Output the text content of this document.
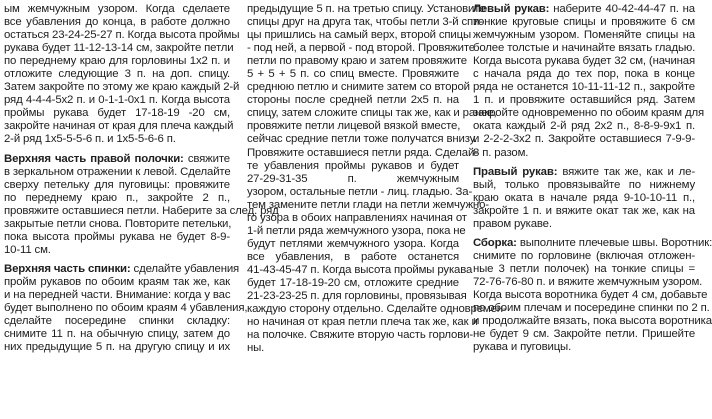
ым жемчужным узором. Когда сделаете
все убавления до конца, в работе должно
остаться 23-24-25-27 п. Когда высота проймы
рукава будет 11-12-13-14 см, закройте петли
по переднему краю для горловины 1х2 п. и
отложите следующие 3 п. на доп. спицу.
Затем закройте по этому же краю каждый 2-й
ряд 4-4-4-5х2 п. и 0-1-1-0х1 п. Когда высота
проймы рукава будет 17-18-19 -20 см,
закройте начиная от края для плеча каждый
2-й ряд 1х5-5-5-6 п. и 1х5-5-6-6 п.
Верхняя часть правой полочки: свяжите
в зеркальном отражении к левой. Сделайте
сверху петельку для пуговицы: провяжите
по переднему краю п., закройте 2 п.,
провяжите оставшиеся петли. Наберите за след. ряд
закрытые петли снова. Повторите петельки,
пока высота проймы рукава не будет 8-9-
10-11 см.
Верхняя часть спинки: сделайте убавления
пройм рукавов по обоим краям так же, как
и на передней части. Внимание: когда у вас
будет выполнено по обоим краям 4 убавления,
сделайте посередине спинки складку:
снимите 11 п. на обычную спицу, затем до
них предыдущие 5 п. на другую спицу и их
предыдущие 5 п. на третью спицу. Установите
спицы друг на друга так, чтобы петли 3-й спи-
цы пришлись на самый верх, второй спицы
- под ней, а первой - под второй. Провяжите
петли по правому краю и затем провяжите
5 + 5 + 5 п. со спиц вместе. Провяжите
среднюю петлю и снимите затем со второй
стороны после средней петли 2х5 п. на
спицу, затем сложите спицы так же, как и ранее,
провяжите петли лицевой вязкой вместе,
сейчас средние петли тоже получатся внизу.
Провяжите оставшиеся петли ряда. Сделай-
те убавления проймы рукавов и будет
27-29-31-35 п. жемчужным
узором, остальные петли - лиц. гладью. За-
тем замените петли глади на петли жемчужно-
го узора в обоих направлениях начиная от
1-й петли ряда жемчужного узора, пока не
будут петлями жемчужного узора. Когда
все убавления, в работе останется
41-43-45-47 п. Когда высота проймы рукава
будет 17-18-19-20 см, отложите средние
21-23-23-25 п. для горловины, провязывая
каждую сторону отдельно. Сделайте одновремен-
но начиная от края петли плеча так же, как и
на полочке. Свяжите вторую часть горлови-
ны.
Левый рукав: наберите 40-42-44-47 п. на
тонкие круговые спицы и провяжите 6 см
жемчужным узором. Поменяйте спицы на
более толстые и начинайте вязать гладью.
Когда высота рукава будет 32 см, (начиная
с начала ряда до тех пор, пока в конце
ряда не останется 10-11-11-12 п., закройте
1 п. и провяжите оставшийся ряд. Затем
закройте одновременно по обоим краям для
оката каждый 2-й ряд 2х2 п., 8-8-9-9х1 п.
и 2-2-2-3х2 п. Закройте оставшиеся 7-9-9-
8 п. разом.
Правый рукав: вяжите так же, как и ле-
вый, только провязывайте по нижнему
краю оката в начале ряда 9-10-10-11 п.,
закройте 1 п. и вяжите окат так же, как на
правом рукаве.
Сборка: выполните плечевые швы. Воротник:
снимите по горловине (включая отложен-
ные 3 петли полочек) на тонкие спицы =
72-76-76-80 п. и вяжите жемчужным узором.
Когда высота воротника будет 4 см, добавьте
по обоим плечам и посередине спинки по 2 п.
и продолжайте вязать, пока высота воротника
не будет 9 см. Закройте петли. Пришейте
рукава и пуговицы.
